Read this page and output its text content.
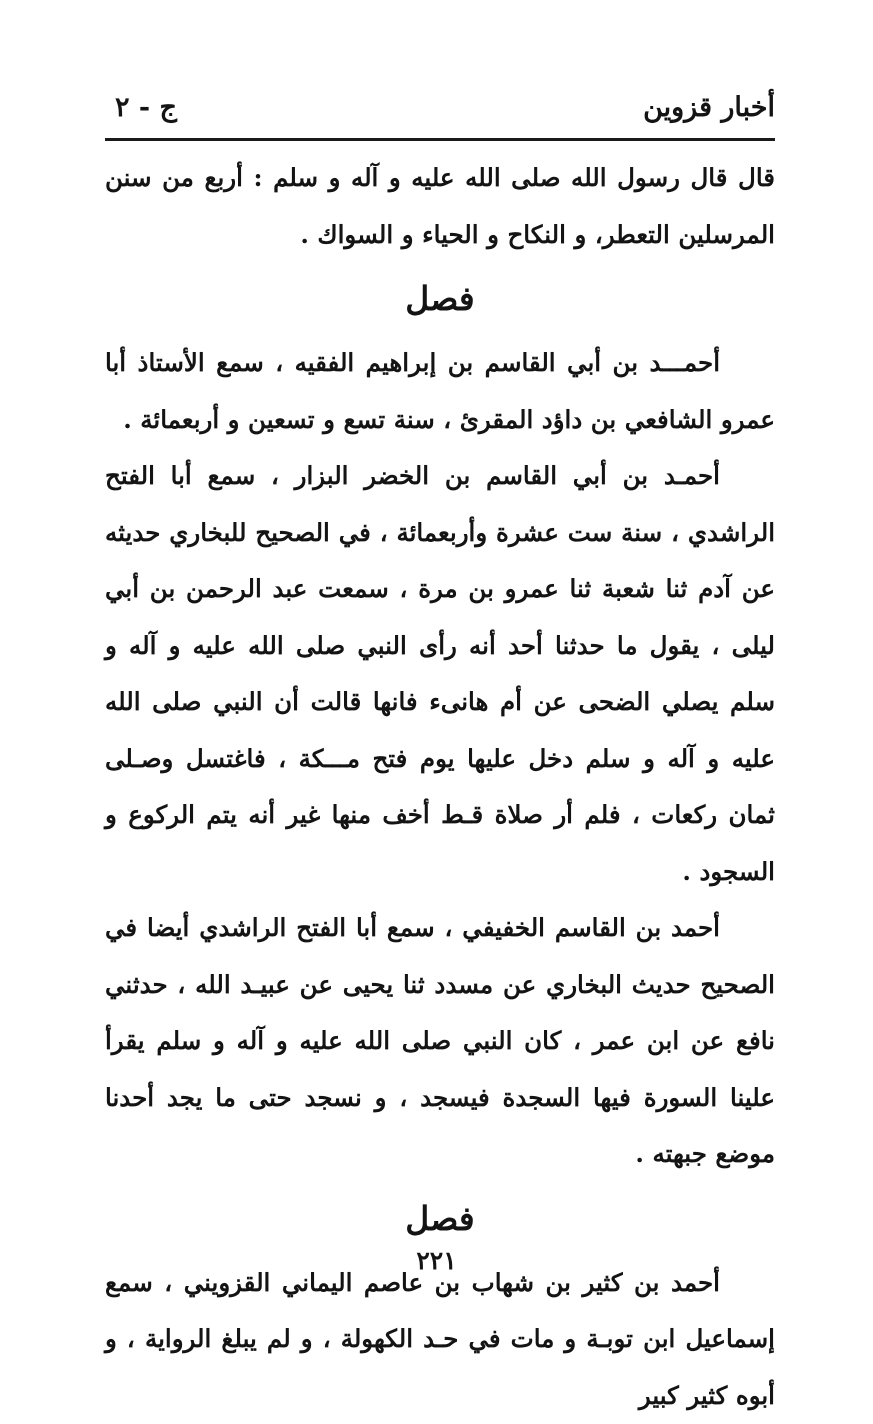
أخبار قزوين
ج - ٢

قال قال رسول الله صلى الله عليه و آله و سلم : أربع من سنن المرسلين التعطر، و النكاح و الحياء و السواك .

فصل

أحمـــد بن أبي القاسم بن إبراهيم الفقيه ، سمع الأستاذ أبا عمرو الشافعي بن داؤد المقرئ ، سنة تسع و تسعين و أربعمائة .

أحمـد بن أبي القاسم بن الخضر البزار ، سمع أبا الفتح الراشدي ، سنة ست عشرة وأربعمائة ، في الصحيح للبخاري حديثه عن آدم ثنا شعبة ثنا عمرو بن مرة ، سمعت عبد الرحمن بن أبي ليلى ، يقول ما حدثنا أحد أنه رأى النبي صلى الله عليه و آله و سلم يصلي الضحى عن أم هانىء فانها قالت أن النبي صلى الله عليه و آله و سلم دخل عليها يوم فتح مـــكة ، فاغتسل وصـلى ثمان ركعات ، فلم أر صلاة قـط أخف منها غير أنه يتم الركوع و السجود .

أحمد بن القاسم الخفيفي ، سمع أبا الفتح الراشدي أيضا في الصحيح حديث البخاري عن مسدد ثنا يحيى عن عبيـد الله ، حدثني نافع عن ابن عمر ، كان النبي صلى الله عليه و آله و سلم يقرأ علينا السورة فيها السجدة فيسجد ، و نسجد حتى ما يجد أحدنا موضع جبهته .

فصل

أحمد بن كثير بن شهاب بن عاصم اليماني القزويني ، سمع إسماعيل ابن توبـة و مات في حـد الكهولة ، و لم يبلغ الرواية ، و أبوه كثير كبير

٢٢١
